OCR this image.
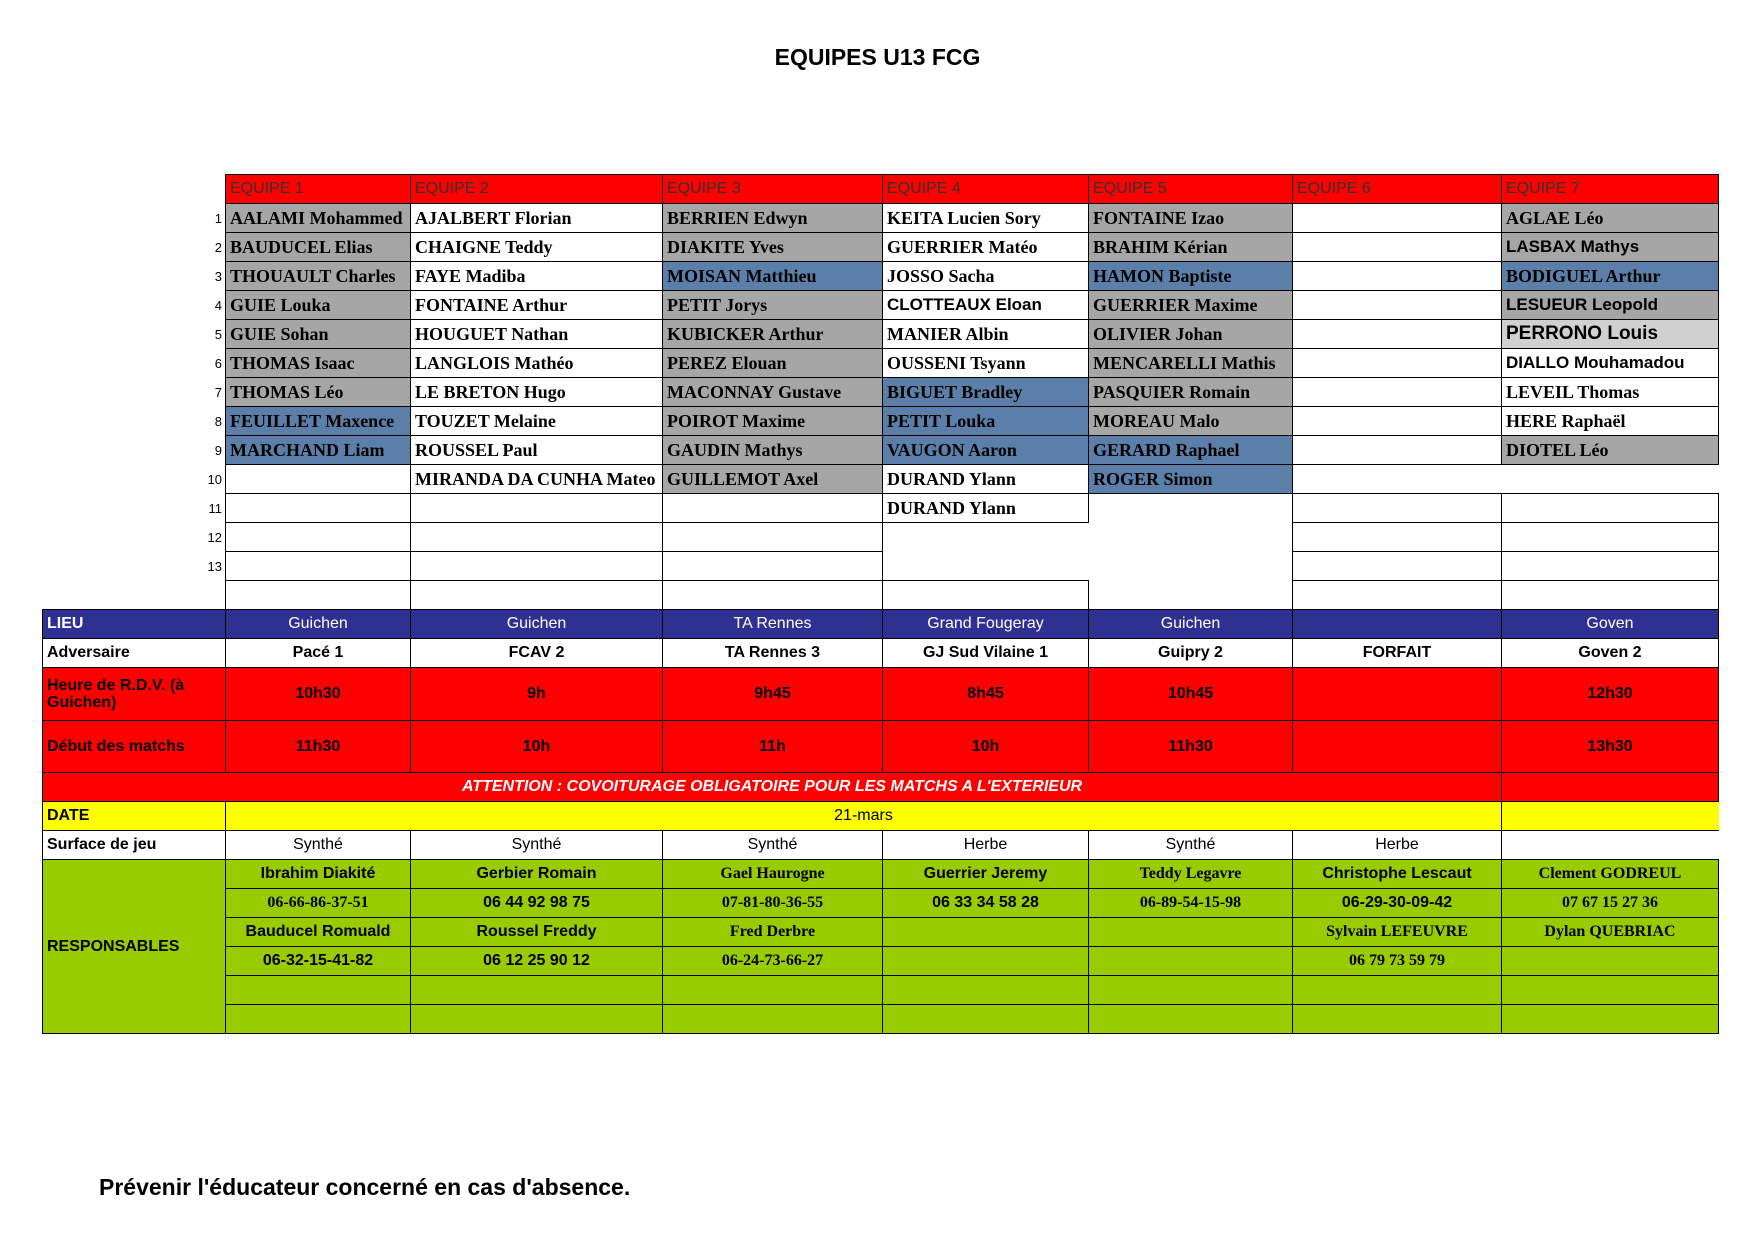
EQUIPES U13 FCG
	EQUIPE 1	EQUIPE 2	EQUIPE 3	EQUIPE 4	EQUIPE 5	EQUIPE 6	EQUIPE 7
1	AALAMI Mohammed	AJALBERT Florian	BERRIEN Edwyn	KEITA Lucien Sory	FONTAINE Izao		AGLAE Léo
2	BAUDUCEL Elias	CHAIGNE Teddy	DIAKITE Yves	GUERRIER Matéo	BRAHIM Kérian		LASBAX Mathys
3	THOUAULT Charles	FAYE Madiba	MOISAN Matthieu	JOSSO Sacha	HAMON Baptiste		BODIGUEL Arthur
4	GUIE Louka	FONTAINE Arthur	PETIT Jorys	CLOTTEAUX Eloan	GUERRIER Maxime		LESUEUR Leopold
5	GUIE Sohan	HOUGUET Nathan	KUBICKER Arthur	MANIER Albin	OLIVIER Johan		PERRONO Louis
6	THOMAS Isaac	LANGLOIS Mathéo	PEREZ Elouan	OUSSENI Tsyann	MENCARELLI Mathis		DIALLO Mouhamadou
7	THOMAS Léo	LE BRETON Hugo	MACONNAY Gustave	BIGUET Bradley	PASQUIER Romain		LEVEIL Thomas
8	FEUILLET Maxence	TOUZET Melaine	POIROT Maxime	PETIT Louka	MOREAU Malo		HERE Raphaël
9	MARCHAND Liam	ROUSSEL Paul	GAUDIN Mathys	VAUGON Aaron	GERARD Raphael		DIOTEL Léo
10		MIRANDA DA CUNHA Mateo	GUILLEMOT Axel	DURAND Ylann	ROGER Simon		
11				DURAND Ylann			
12							
13							

LIEU	Guichen	Guichen	TA Rennes	Grand Fougeray	Guichen		Goven
Adversaire	Pacé 1	FCAV 2	TA Rennes 3	GJ Sud Vilaine 1	Guipry 2	FORFAIT	Goven 2
Heure de R.D.V. (à Guichen)	10h30	9h	9h45	8h45	10h45		12h30
Début des matchs	11h30	10h	11h	10h	11h30		13h30
ATTENTION : COVOITURAGE OBLIGATOIRE POUR LES MATCHS A L'EXTERIEUR							
DATE	21-mars						
Surface de jeu	Synthé	Synthé	Synthé	Herbe	Synthé	Herbe	
RESPONSABLES	Ibrahim Diakité	Gerbier Romain	Gael Haurogne	Guerrier Jeremy	Teddy Legavre	Christophe Lescaut	Clement GODREUL
	06-66-86-37-51	06 44 92 98 75	07-81-80-36-55	06 33 34 58 28	06-89-54-15-98	06-29-30-09-42	07 67 15 27 36
	Bauducel Romuald	Roussel Freddy	Fred Derbre			Sylvain LEFEUVRE	Dylan QUEBRIAC
	06-32-15-41-82	06 12 25 90 12	06-24-73-66-27			06 79 73 59 79	

Prévenir l'éducateur concerné en cas d'absence.
